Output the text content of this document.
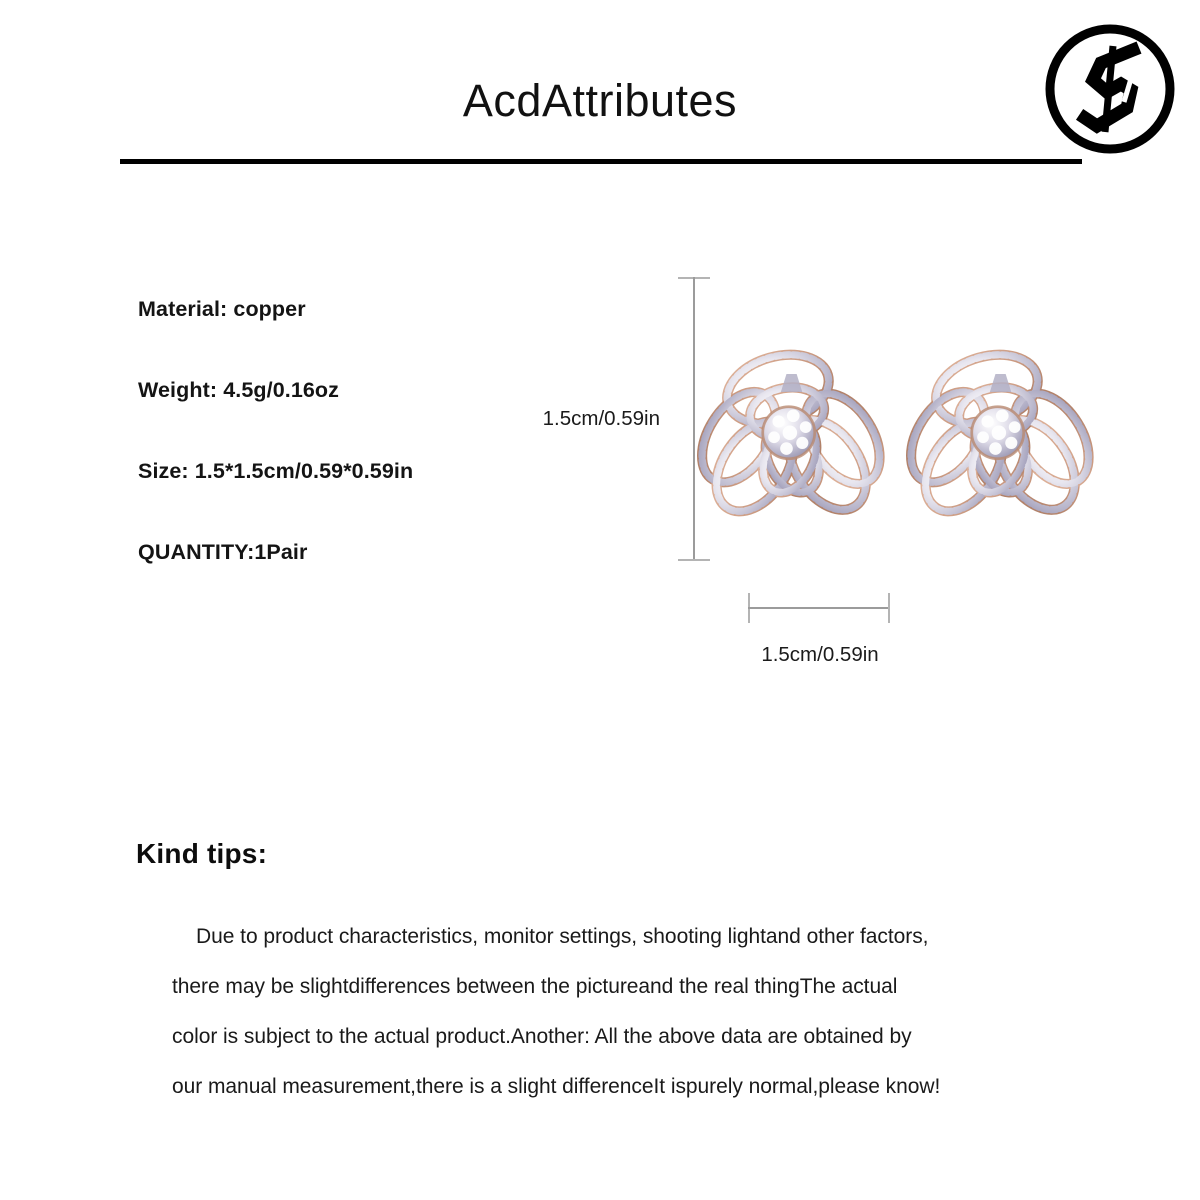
AcdAttributes
Material: copper
Weight: 4.5g/0.16oz
Size: 1.5*1.5cm/0.59*0.59in
QUANTITY:1Pair
1.5cm/0.59in
1.5cm/0.59in
Kind tips:
Due to product characteristics, monitor settings, shooting lightand other factors,
there may be slightdifferences between the pictureand the real thingThe actual
color is subject to the actual product.Another: All the above data are obtained by
our manual measurement,there is a slight differenceIt ispurely normal,please know!
